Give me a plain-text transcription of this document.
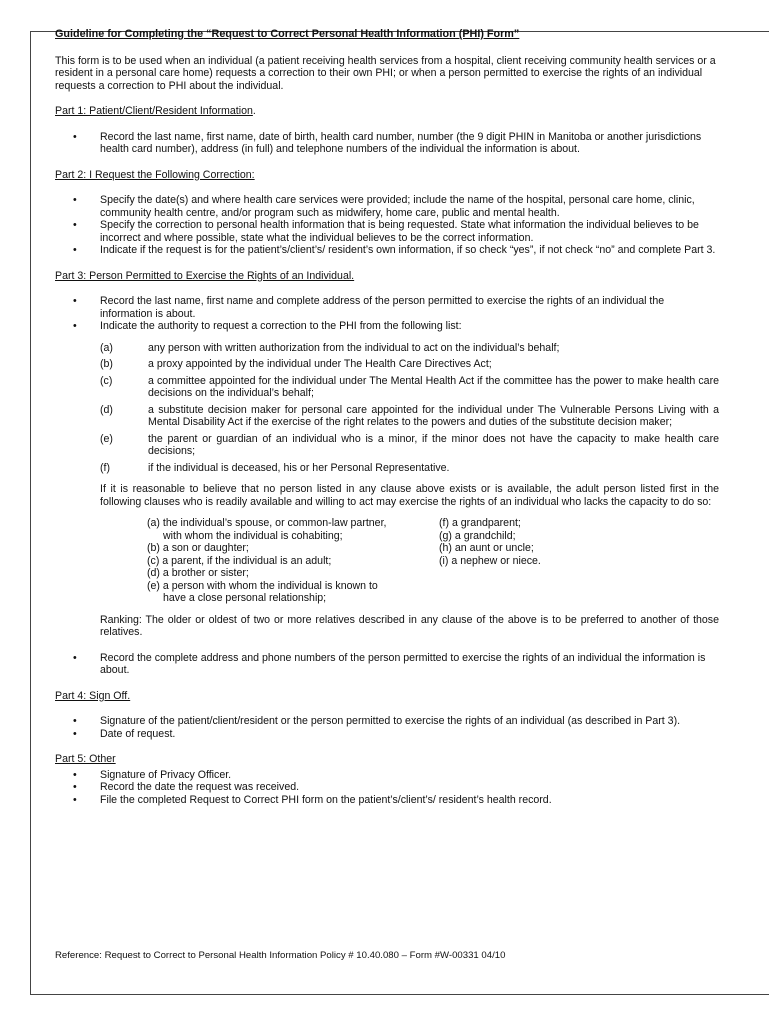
Guideline for Completing the “Request to Correct Personal Health Information (PHI) Form”

This form is to be used when an individual (a patient receiving health services from a hospital, client receiving community health services or a resident in a personal care home) requests a correction to their own PHI; or when a person permitted to exercise the rights of an individual requests a correction to PHI about the individual.

Part 1: Patient/Client/Resident Information.

• Record the last name, first name, date of birth, health card number, number (the 9 digit PHIN in Manitoba or another jurisdictions health card number), address (in full) and telephone numbers of the individual the information is about.

Part 2: I Request the Following Correction:

• Specify the date(s) and where health care services were provided; include the name of the hospital, personal care home, clinic, community health centre, and/or program such as midwifery, home care, public and mental health.
• Specify the correction to personal health information that is being requested. State what information the individual believes to be incorrect and where possible, state what the individual believes to be the correct information.
• Indicate if the request is for the patient’s/client’s/ resident’s own information, if so check “yes”, if not check “no” and complete Part 3.

Part 3: Person Permitted to Exercise the Rights of an Individual.

• Record the last name, first name and complete address of the person permitted to exercise the rights of an individual the information is about.
• Indicate the authority to request a correction to the PHI from the following list:
(a)	any person with written authorization from the individual to act on the individual’s behalf;
(b)	a proxy appointed by the individual under The Health Care Directives Act;
(c)	a committee appointed for the individual under The Mental Health Act if the committee has the power to make health care decisions on the individual’s behalf;
(d)	a substitute decision maker for personal care appointed for the individual under The Vulnerable Persons Living with a Mental Disability Act if the exercise of the right relates to the powers and duties of the substitute decision maker;
(e)	the parent or guardian of an individual who is a minor, if the minor does not have the capacity to make health care decisions;
(f)	if the individual is deceased, his or her Personal Representative.

If it is reasonable to believe that no person listed in any clause above exists or is available, the adult person listed first in the following clauses who is readily available and willing to act may exercise the rights of an individual who lacks the capacity to do so:

(a) the individual’s spouse, or common-law partner,
with whom the individual is cohabiting;
(b) a son or daughter;
(c) a parent, if the individual is an adult;
(d) a brother or sister;
(e) a person with whom the individual is known to
have a close personal relationship;
(f) a grandparent;
(g) a grandchild;
(h) an aunt or uncle;
(i) a nephew or niece.

Ranking: The older or oldest of two or more relatives described in any clause of the above is to be preferred to another of those relatives.

• Record the complete address and phone numbers of the person permitted to exercise the rights of an individual the information is about.

Part 4: Sign Off.

• Signature of the patient/client/resident or the person permitted to exercise the rights of an individual (as described in Part 3).
• Date of request.

Part 5: Other

• Signature of Privacy Officer.
• Record the date the request was received.
• File the completed Request to Correct PHI form on the patient’s/client’s/ resident’s health record.

Reference: Request to Correct to Personal Health Information Policy # 10.40.080 – Form #W-00331 04/10
